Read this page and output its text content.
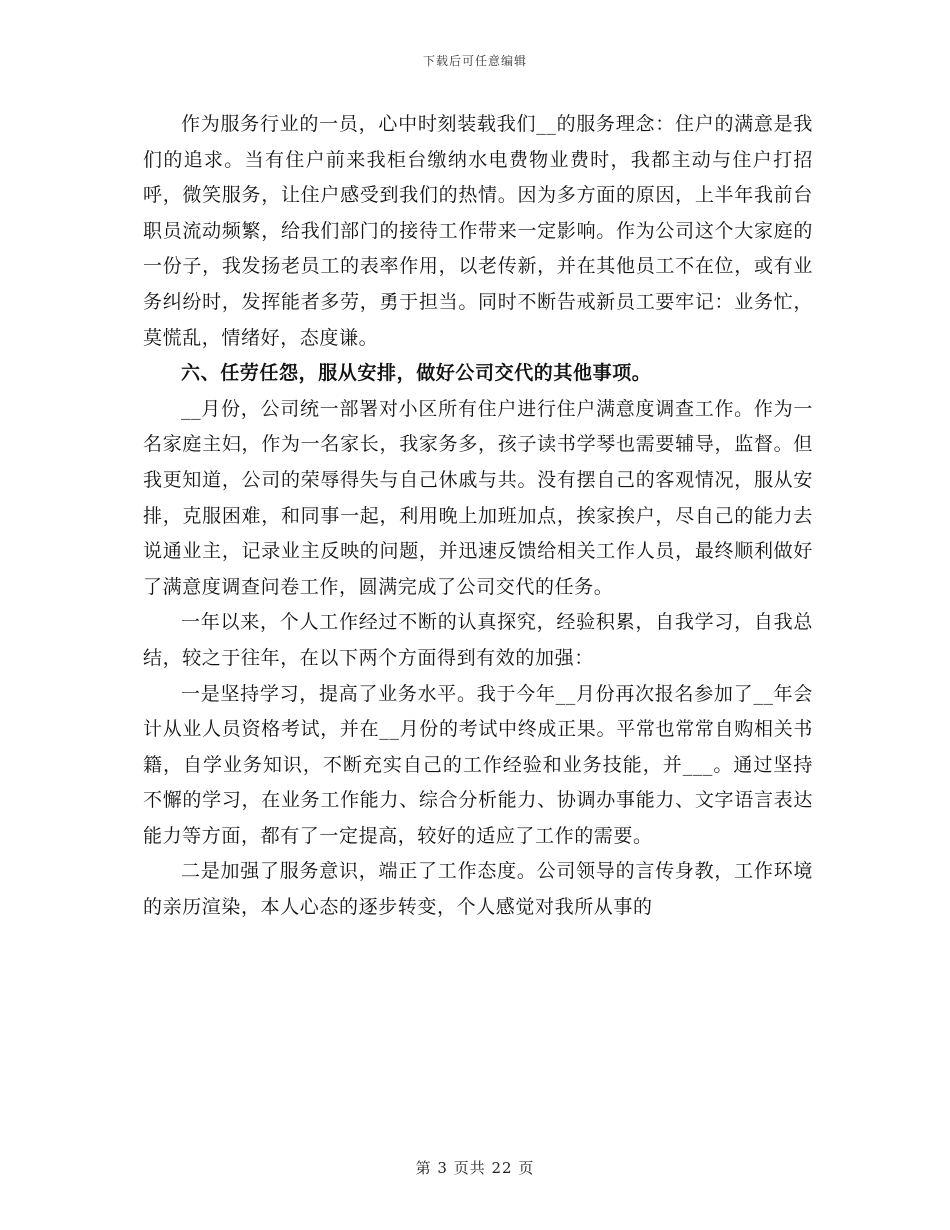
下载后可任意编辑

作为服务行业的一员，心中时刻装载我们__的服务理念：住户的满意是我们的追求。当有住户前来我柜台缴纳水电费物业费时，我都主动与住户打招呼，微笑服务，让住户感受到我们的热情。因为多方面的原因，上半年我前台职员流动频繁，给我们部门的接待工作带来一定影响。作为公司这个大家庭的一份子，我发扬老员工的表率作用，以老传新，并在其他员工不在位，或有业务纠纷时，发挥能者多劳，勇于担当。同时不断告戒新员工要牢记：业务忙，莫慌乱，情绪好，态度谦。

六、任劳任怨，服从安排，做好公司交代的其他事项。

__月份，公司统一部署对小区所有住户进行住户满意度调查工作。作为一名家庭主妇，作为一名家长，我家务多，孩子读书学琴也需要辅导，监督。但我更知道，公司的荣辱得失与自己休戚与共。没有摆自己的客观情况，服从安排，克服困难，和同事一起，利用晚上加班加点，挨家挨户，尽自己的能力去说通业主，记录业主反映的问题，并迅速反馈给相关工作人员，最终顺利做好了满意度调查问卷工作，圆满完成了公司交代的任务。

一年以来，个人工作经过不断的认真探究，经验积累，自我学习，自我总结，较之于往年，在以下两个方面得到有效的加强：

一是坚持学习，提高了业务水平。我于今年__月份再次报名参加了__年会计从业人员资格考试，并在__月份的考试中终成正果。平常也常常自购相关书籍，自学业务知识，不断充实自己的工作经验和业务技能，并___。通过坚持不懈的学习，在业务工作能力、综合分析能力、协调办事能力、文字语言表达能力等方面，都有了一定提高，较好的适应了工作的需要。

二是加强了服务意识，端正了工作态度。公司领导的言传身教，工作环境的亲历渲染，本人心态的逐步转变，个人感觉对我所从事的

第 3 页共 22 页
